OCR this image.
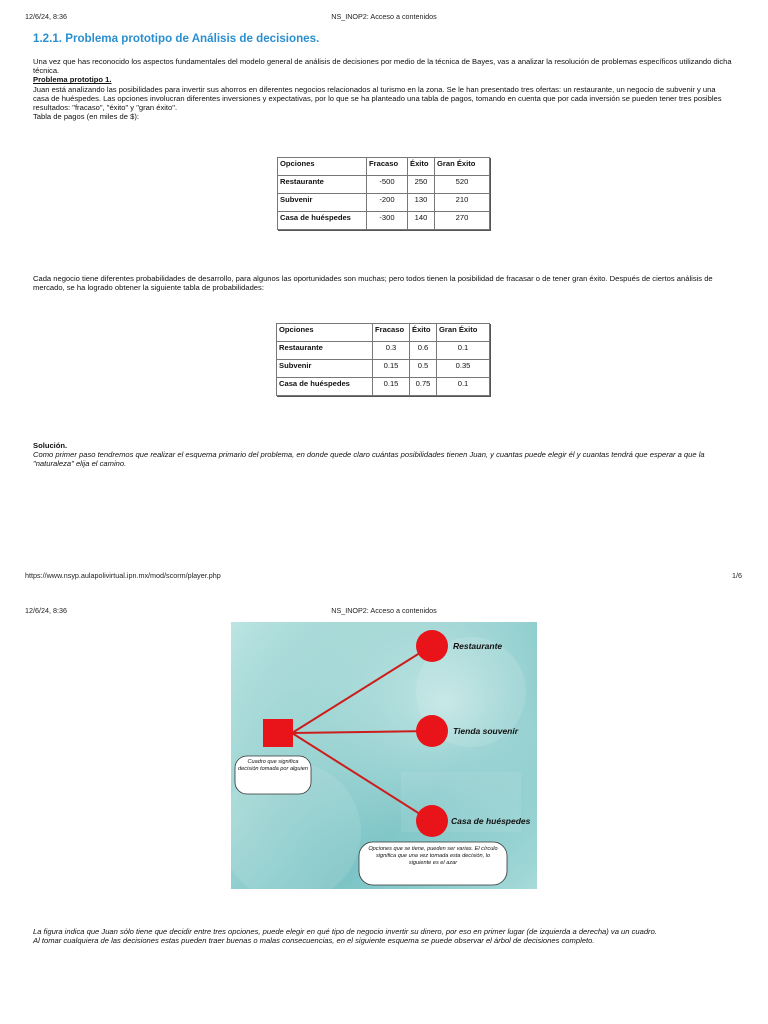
12/6/24, 8:36	NS_INOP2: Acceso a contenidos
1.2.1. Problema prototipo de Análisis de decisiones.

Una vez que has reconocido los aspectos fundamentales del modelo general de análisis de decisiones por medio de la técnica de Bayes, vas a analizar la resolución de problemas específicos utilizando dicha técnica.

Problema prototipo 1.

Juan está analizando las posibilidades para invertir sus ahorros en diferentes negocios relacionados al turismo en la zona. Se le han presentado tres ofertas: un restaurante, un negocio de subvenir y una casa de huéspedes. Las opciones involucran diferentes inversiones y expectativas, por lo que se ha planteado una tabla de pagos, tomando en cuenta que por cada inversión se pueden tener tres posibles resultados: "fracaso", "éxito" y "gran éxito".

Tabla de pagos (en miles de $):

Opciones	Fracaso	Éxito	Gran Éxito
Restaurante	-500	250	520
Subvenir	-200	130	210
Casa de huéspedes	-300	140	270

Cada negocio tiene diferentes probabilidades de desarrollo, para algunos las oportunidades son muchas; pero todos tienen la posibilidad de fracasar o de tener gran éxito. Después de ciertos análisis de mercado, se ha logrado obtener la siguiente tabla de probabilidades:

Opciones	Fracaso	Éxito	Gran Éxito
Restaurante	0.3	0.6	0.1
Subvenir	0.15	0.5	0.35
Casa de huéspedes	0.15	0.75	0.1

Solución.

Como primer paso tendremos que realizar el esquema primario del problema, en donde quede claro cuántas posibilidades tienen Juan, y cuantas puede elegir él y cuantas tendrá que esperar a que la "naturaleza" elija el camino.

https://www.nsyp.aulapolivirtual.ipn.mx/mod/scorm/player.php	1/6
12/6/24, 8:36	NS_INOP2: Acceso a contenidos
Restaurante
Tienda souvenir
Casa de huéspedes
Cuadro que significa decisión tomada por alguien
Opciones que se tiene, pueden ser varias. El círculo significa que una vez tomada esta decisión, lo siguiente es el azar

La figura indica que Juan sólo tiene que decidir entre tres opciones, puede elegir en qué tipo de negocio invertir su dinero, por eso en primer lugar (de izquierda a derecha) va un cuadro.

Al tomar cualquiera de las decisiones estas pueden traer buenas o malas consecuencias, en el siguiente esquema se puede observar el árbol de decisiones completo.
